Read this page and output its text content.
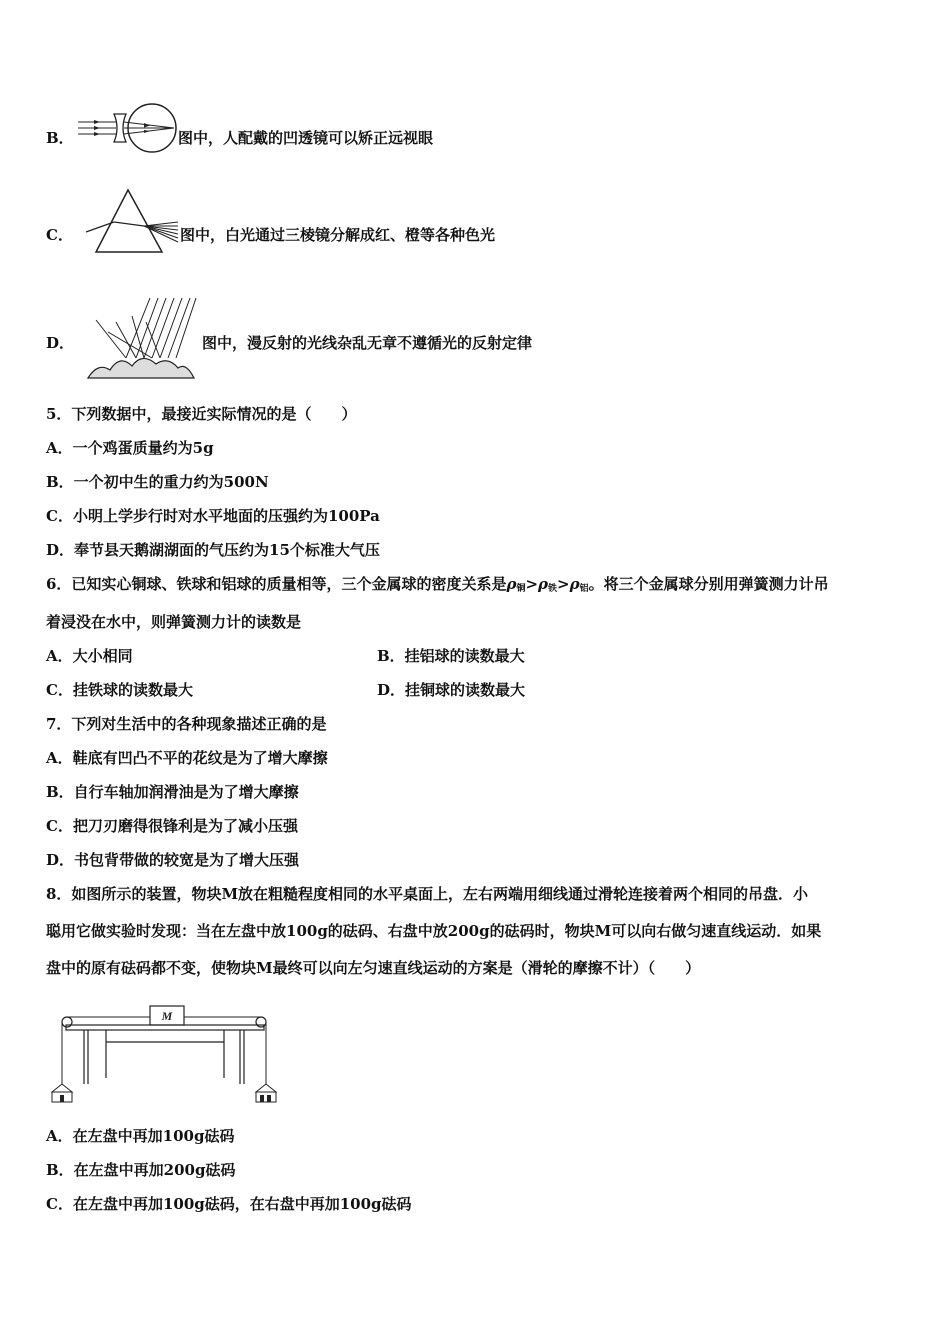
B．	图中，人配戴的凹透镜可以矫正远视眼
C．	图中，白光通过三棱镜分解成红、橙等各种色光
D．	图中，漫反射的光线杂乱无章不遵循光的反射定律
5．下列数据中，最接近实际情况的是（　　）
A．一个鸡蛋质量约为5g
B．一个初中生的重力约为500N
C．小明上学步行时对水平地面的压强约为100Pa
D．奉节县天鹅湖湖面的气压约为15个标准大气压
6．已知实心铜球、铁球和铝球的质量相等，三个金属球的密度关系是$\rho_铜>\rho_铁>\rho_铝$。将三个金属球分别用弹簧测力计吊
着浸没在水中，则弹簧测力计的读数是
A．大小相同	B．挂铝球的读数最大
C．挂铁球的读数最大	D．挂铜球的读数最大
7．下列对生活中的各种现象描述正确的是
A．鞋底有凹凸不平的花纹是为了增大摩擦
B．自行车轴加润滑油是为了增大摩擦
C．把刀刃磨得很锋利是为了减小压强
D．书包背带做的较宽是为了增大压强
8．如图所示的装置，物块M放在粗糙程度相同的水平桌面上，左右两端用细线通过滑轮连接着两个相同的吊盘．小
聪用它做实验时发现：当在左盘中放100g的砝码、右盘中放200g的砝码时，物块M可以向右做匀速直线运动．如果
盘中的原有砝码都不变，使物块M最终可以向左匀速直线运动的方案是（滑轮的摩擦不计）（　　）
M
A．在左盘中再加100g砝码
B．在左盘中再加200g砝码
C．在左盘中再加100g砝码，在右盘中再加100g砝码
